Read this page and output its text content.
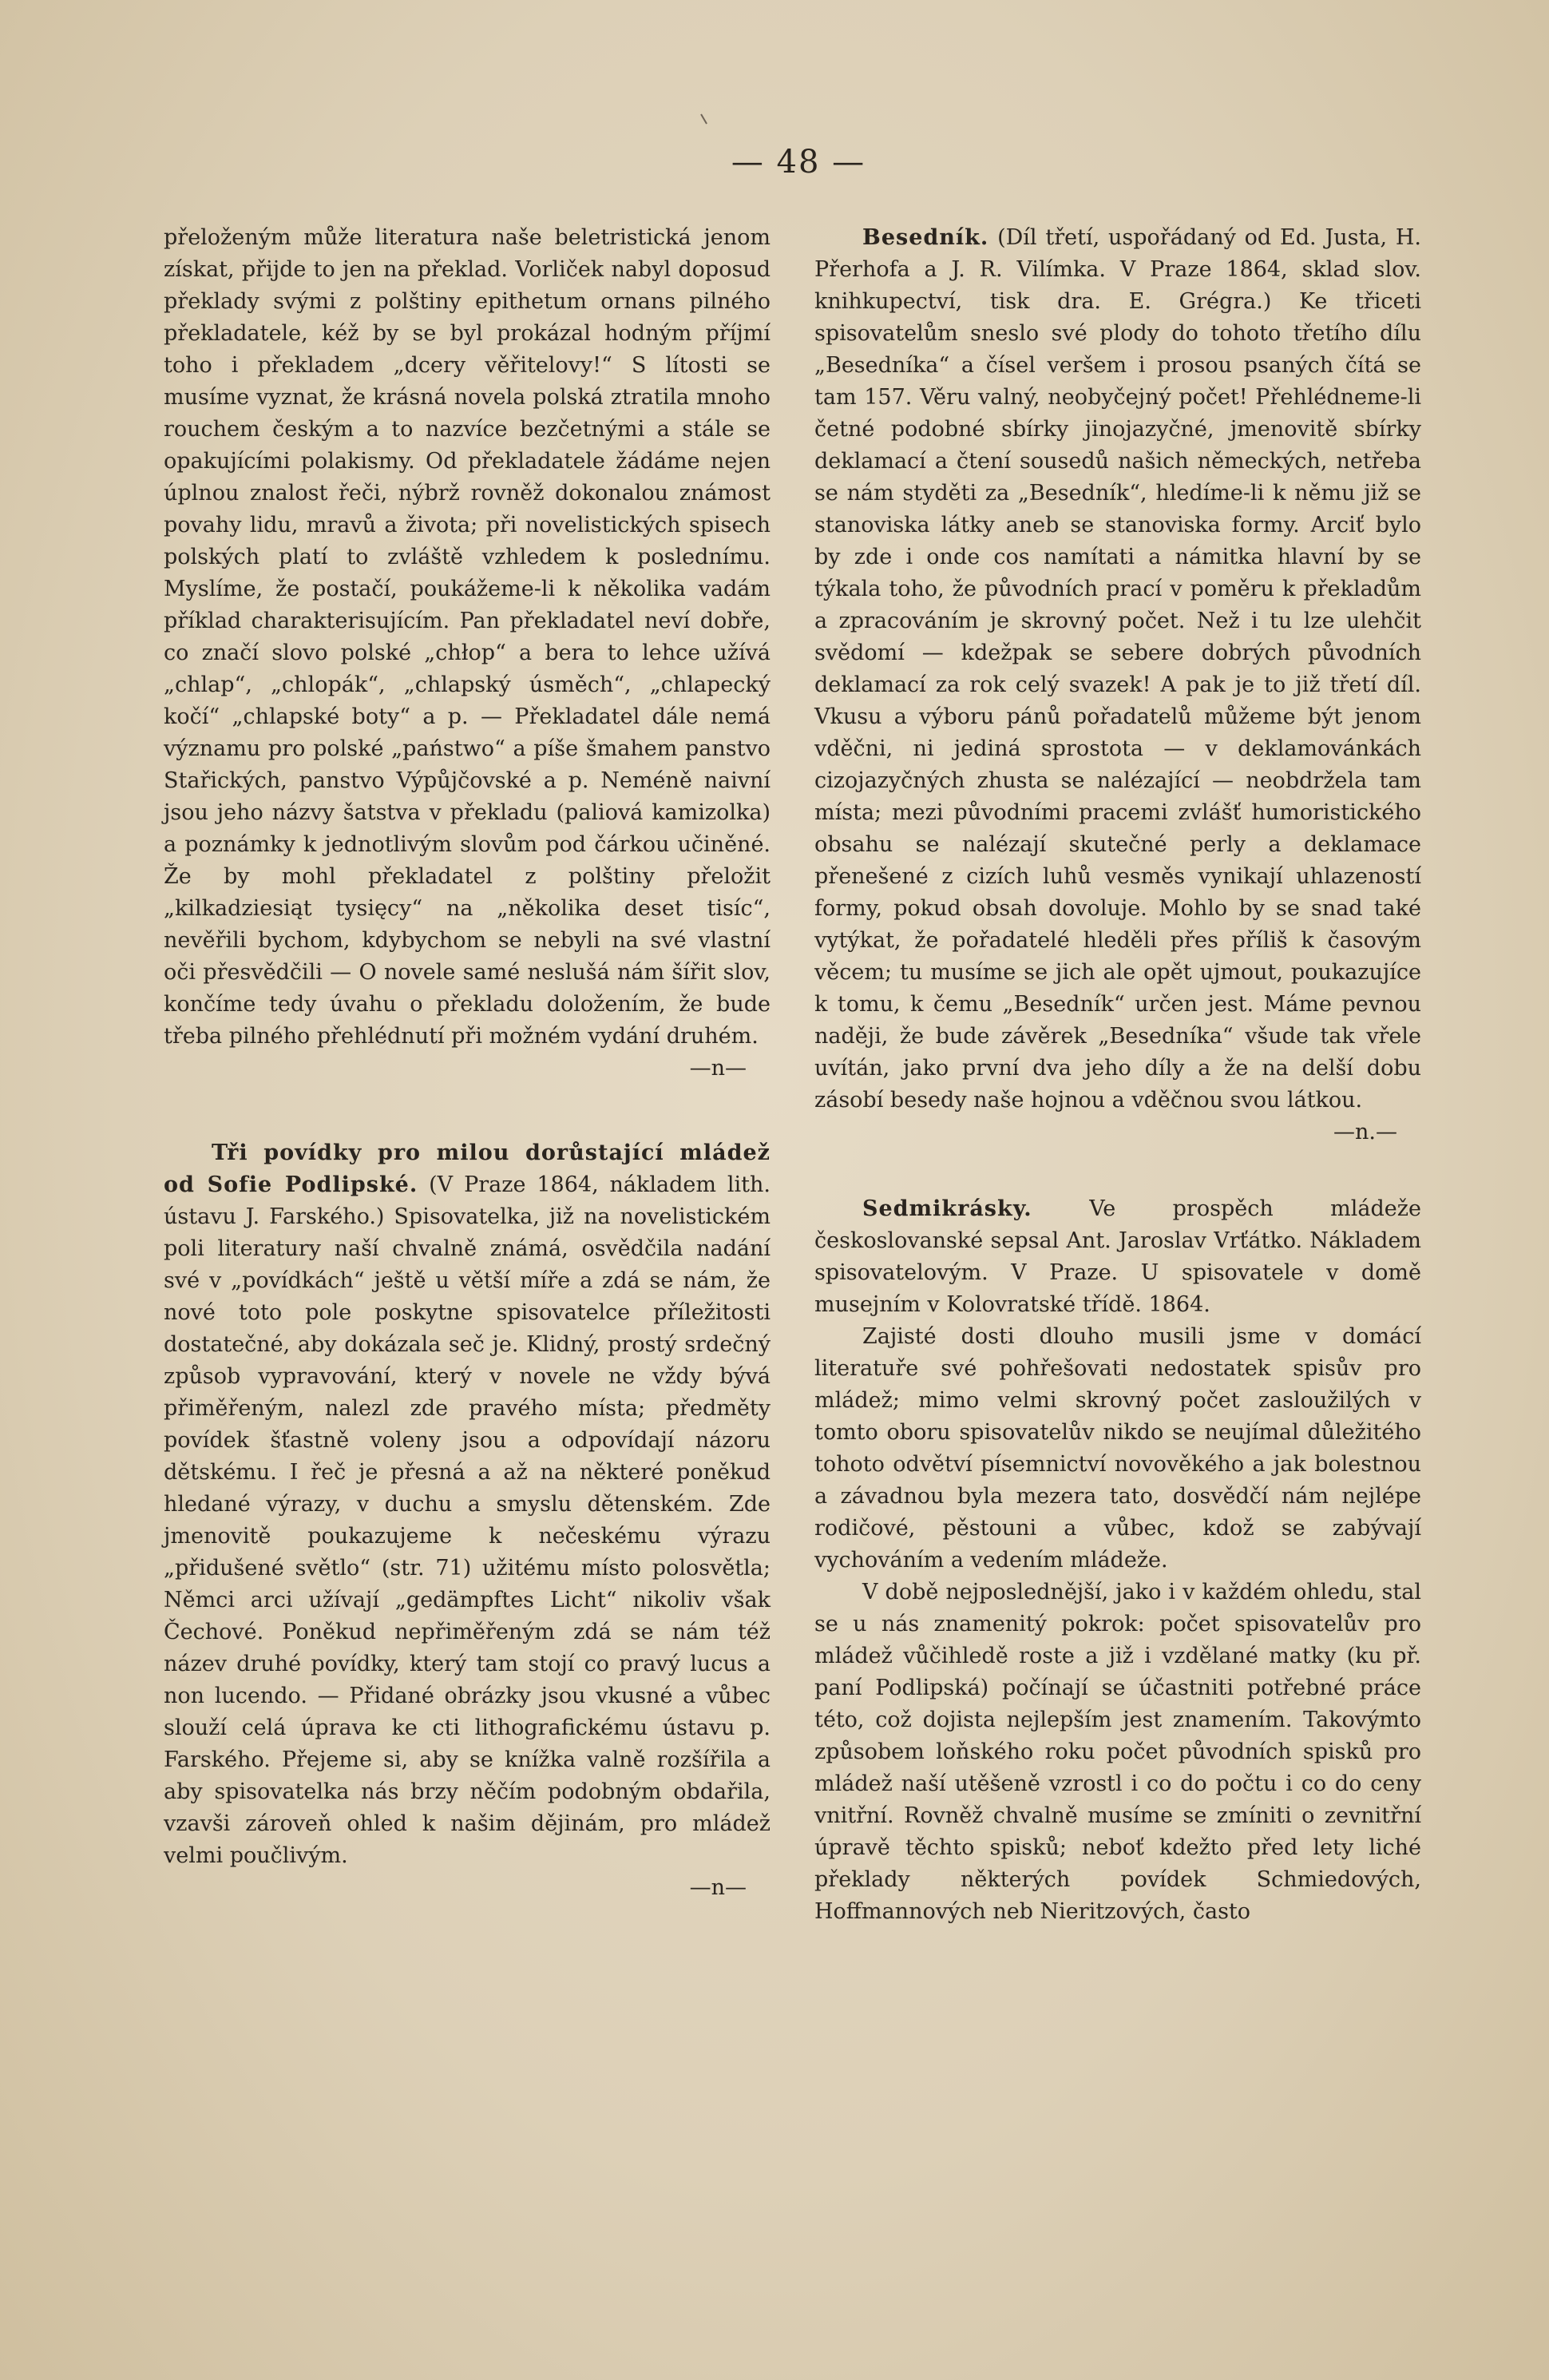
— 48 —

přeloženým může literatura naše beletristická jenom získat, přijde to jen na překlad. Vorliček nabyl doposud překlady svými z polštiny epithetum ornans pilného překladatele, kéž by se byl prokázal hodným příjmí toho i překladem „dcery věřitelovy!“ S lítosti se musíme vyznat, že krásná novela polská ztratila mnoho rouchem českým a to nazvíce bezčetnými a stále se opakujícími polakismy. Od překladatele žádáme nejen úplnou znalost řeči, nýbrž rovněž dokonalou známost povahy lidu, mravů a života; při novelistických spisech polských platí to zvláště vzhledem k poslednímu. Myslíme, že postačí, poukážeme-li k několika vadám příklad charakterisujícím. Pan překladatel neví dobře, co značí slovo polské „chłop“ a bera to lehce užívá „chlap“, „chlopák“, „chlapský úsměch“, „chlapecký kočí“ „chlapské boty“ a p. — Překladatel dále nemá významu pro polské „państwo“ a píše šmahem panstvo Stařických, panstvo Výpůjčovské a p. Neméně naivní jsou jeho názvy šatstva v překladu (paliová kamizolka) a poznámky k jednotlivým slovům pod čárkou učiněné. Že by mohl překladatel z polštiny přeložit „kilkadziesiąt tysięcy“ na „několika deset tisíc“, nevěřili bychom, kdybychom se nebyli na své vlastní oči přesvědčili — O novele samé neslušá nám šířit slov, končíme tedy úvahu o překladu doložením, že bude třeba pilného přehlédnutí při možném vydání druhém.

—n—

Tři povídky pro milou dorůstající mládež od Sofie Podlipské. (V Praze 1864, nákladem lith. ústavu J. Farského.) Spisovatelka, již na novelistickém poli literatury naší chvalně známá, osvědčila nadání své v „povídkách“ ještě u větší míře a zdá se nám, že nové toto pole poskytne spisovatelce příležitosti dostatečné, aby dokázala seč je. Klidný, prostý srdečný způsob vypravování, který v novele ne vždy bývá přiměřeným, nalezl zde pravého místa; předměty povídek šťastně voleny jsou a odpovídají názoru dětskému. I řeč je přesná a až na některé poněkud hledané výrazy, v duchu a smyslu dětenském. Zde jmenovitě poukazujeme k nečeskému výrazu „přidušené světlo“ (str. 71) užitému místo polosvětla; Němci arci užívají „gedämpftes Licht“ nikoliv však Čechové. Poněkud nepřiměřeným zdá se nám též název druhé povídky, který tam stojí co pravý lucus a non lucendo. — Přidané obrázky jsou vkusné a vůbec slouží celá úprava ke cti lithografickému ústavu p. Farského. Přejeme si, aby se knížka valně rozšířila a aby spisovatelka nás brzy něčím podobným obdařila, vzavši zároveň ohled k našim dějinám, pro mládež velmi poučlivým.

—n—

Besedník. (Díl třetí, uspořádaný od Ed. Justa, H. Přerhofa a J. R. Vilímka. V Praze 1864, sklad slov. knihkupectví, tisk dra. E. Grégra.) Ke třiceti spisovatelům sneslo své plody do tohoto třetího dílu „Besedníka“ a čísel veršem i prosou psaných čítá se tam 157. Věru valný, neobyčejný počet! Přehlédneme-li četné podobné sbírky jinojazyčné, jmenovitě sbírky deklamací a čtení sousedů našich německých, netřeba se nám styděti za „Besedník“, hledíme-li k němu již se stanoviska látky aneb se stanoviska formy. Arciť bylo by zde i onde cos namítati a námitka hlavní by se týkala toho, že původních prací v poměru k překladům a zpracováním je skrovný počet. Než i tu lze ulehčit svědomí — kdežpak se sebere dobrých původních deklamací za rok celý svazek! A pak je to již třetí díl. Vkusu a výboru pánů pořadatelů můžeme být jenom vděčni, ni jediná sprostota — v deklamovánkách cizojazyčných zhusta se nalézající — neobdržela tam místa; mezi původními pracemi zvlášť humoristického obsahu se nalézají skutečné perly a deklamace přenešené z cizích luhů vesměs vynikají uhlazeností formy, pokud obsah dovoluje. Mohlo by se snad také vytýkat, že pořadatelé hleděli přes příliš k časovým věcem; tu musíme se jich ale opět ujmout, poukazujíce k tomu, k čemu „Besedník“ určen jest. Máme pevnou naději, že bude závěrek „Besedníka“ všude tak vřele uvítán, jako první dva jeho díly a že na delší dobu zásobí besedy naše hojnou a vděčnou svou látkou.

—n.—

Sedmikrásky.	Ve prospěch mládeže českoslovanské sepsal Ant. Jaroslav Vrťátko. Nákladem spisovatelovým. V Praze. U spisovatele v domě musejním v Kolovratské třídě. 1864.

Zajisté dosti dlouho musili jsme v domácí literatuře své pohřešovati nedostatek spisův pro mládež; mimo velmi skrovný počet zasloužilých v tomto oboru spisovatelův nikdo se neujímal důležitého tohoto odvětví písemnictví novověkého a jak bolestnou a závadnou byla mezera tato, dosvědčí nám nejlépe rodičové, pěstouni a vůbec, kdož se zabývají vychováním a vedením mládeže.

V době nejposlednější, jako i v každém ohledu, stal se u nás znamenitý pokrok: počet spisovatelův pro mládež vůčihledě roste a již i vzdělané matky (ku př. paní Podlipská) počínají se účastniti potřebné práce této, což dojista nejlepším jest znamením. Takovýmto způsobem loňského roku počet původních spisků pro mládež naší utěšeně vzrostl i co do počtu i co do ceny vnitřní. Rovněž chvalně musíme se zmíniti o zevnitřní úpravě těchto spisků; neboť kdežto před lety liché překlady některých povídek Schmiedových, Hoffmannových neb Nieritzových, často
